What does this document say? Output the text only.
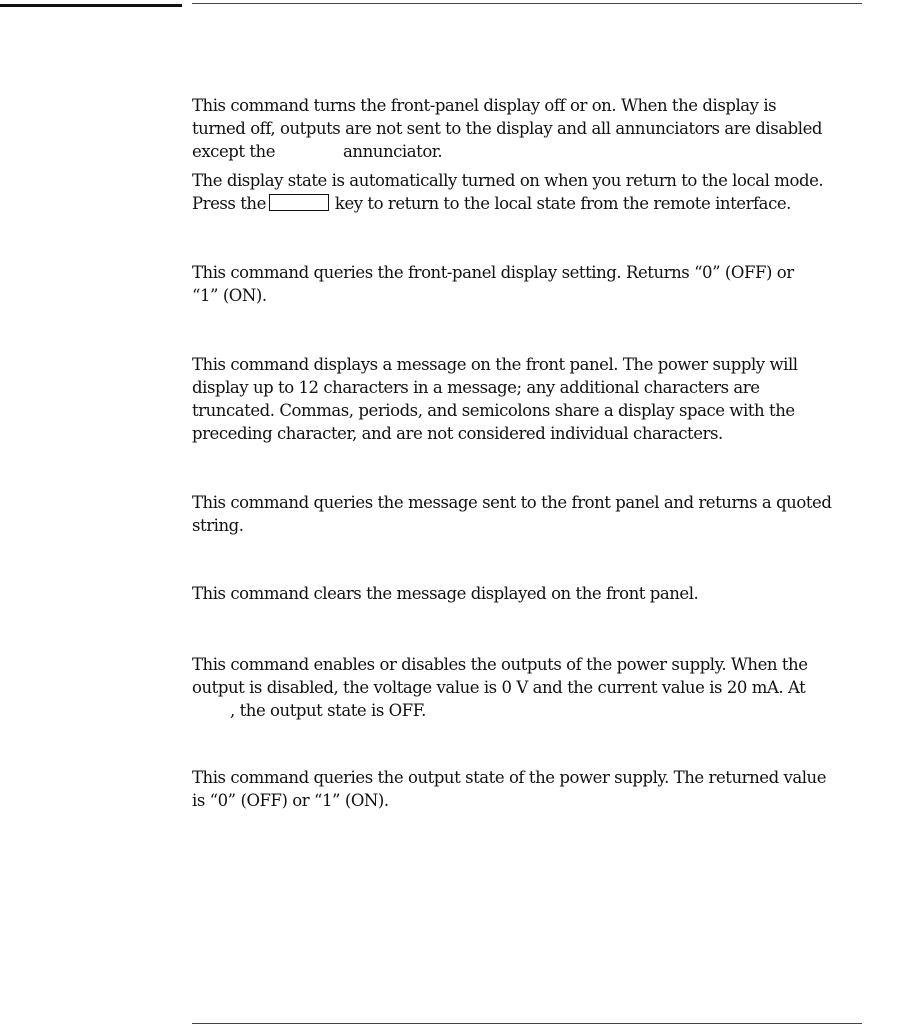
This command turns the front-panel display off or on. When the display is
turned off, outputs are not sent to the display and all annunciators are disabled
except the	annunciator.

The display state is automatically turned on when you return to the local mode.
Press the	key to return to the local state from the remote interface.

This command queries the front-panel display setting. Returns “0” (OFF) or
“1” (ON).

This command displays a message on the front panel. The power supply will
display up to 12 characters in a message; any additional characters are
truncated. Commas, periods, and semicolons share a display space with the
preceding character, and are not considered individual characters.

This command queries the message sent to the front panel and returns a quoted
string.

This command clears the message displayed on the front panel.

This command enables or disables the outputs of the power supply. When the
output is disabled, the voltage value is 0 V and the current value is 20 mA. At
, the output state is OFF.

This command queries the output state of the power supply. The returned value
is “0” (OFF) or “1” (ON).
